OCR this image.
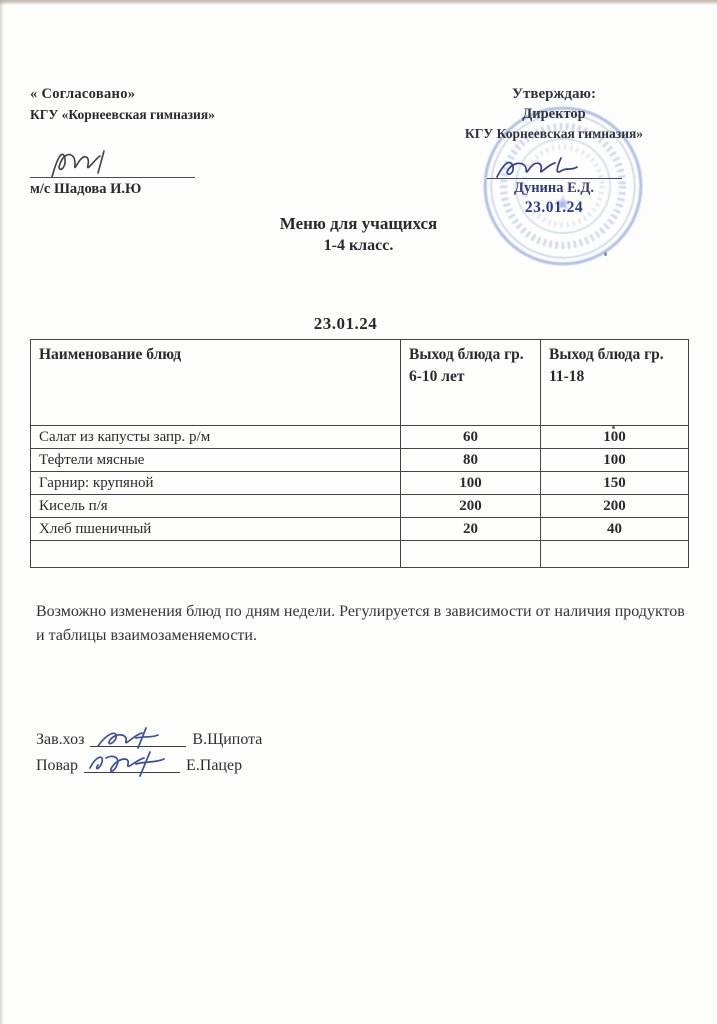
« Согласовано»

КГУ «Корнеевская гимназия»

м/с Шадова И.Ю

Утверждаю:

Директор

КГУ Корнеевская гимназия»

Дунина Е.Д.

23.01.24

Меню для учащихся

1-4 класс.

23.01.24
Наименование блюд	Выход блюда гр. 6-10 лет	Выход блюда гр. 11-18
Салат из капусты запр. р/м	60	100
Тефтели мясные	80	100
Гарнир: крупяной	100	150
Кисель п/я	200	200
Хлеб пшеничный	20	40

Возможно изменения блюд по дням недели. Регулируется в зависимости от наличия продуктов и таблицы взаимозаменяемости.

Зав.хоз	В.Щипота
Повар	Е.Пацер
